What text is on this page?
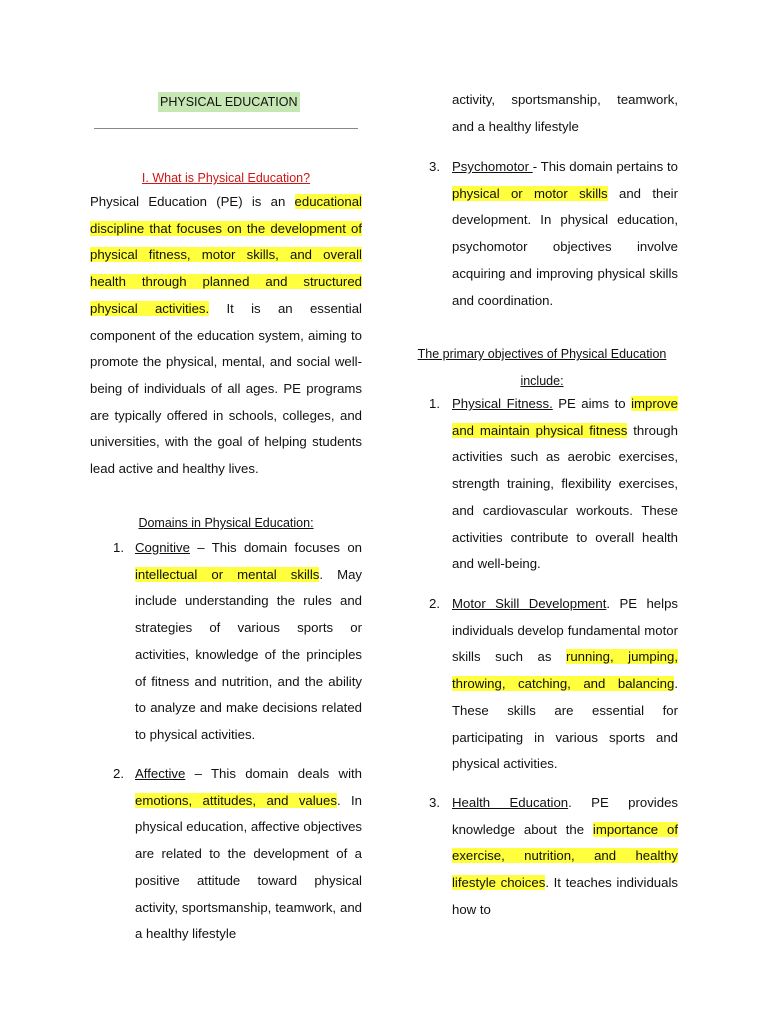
PHYSICAL EDUCATION
I. What is Physical Education?

Physical Education (PE) is an educational discipline that focuses on the development of physical fitness, motor skills, and overall health through planned and structured physical activities. It is an essential component of the education system, aiming to promote the physical, mental, and social well-being of individuals of all ages. PE programs are typically offered in schools, colleges, and universities, with the goal of helping students lead active and healthy lives.

Domains in Physical Education:
1. Cognitive – This domain focuses on intellectual or mental skills. May include understanding the rules and strategies of various sports or activities, knowledge of the principles of fitness and nutrition, and the ability to analyze and make decisions related to physical activities.

2. Affective – This domain deals with emotions, attitudes, and values. In physical education, affective objectives are related to the development of a positive attitude toward physical activity, sportsmanship, teamwork, and a healthy lifestyle

activity, sportsmanship, teamwork, and a healthy lifestyle

3. Psychomotor - This domain pertains to physical or motor skills and their development. In physical education, psychomotor objectives involve acquiring and improving physical skills and coordination.

The primary objectives of Physical Education
include:
1. Physical Fitness. PE aims to improve and maintain physical fitness through activities such as aerobic exercises, strength training, flexibility exercises, and cardiovascular workouts. These activities contribute to overall health and well-being.

2. Motor Skill Development. PE helps individuals develop fundamental motor skills such as running, jumping, throwing, catching, and balancing. These skills are essential for participating in various sports and physical activities.

3. Health Education. PE provides knowledge about the importance of exercise, nutrition, and healthy lifestyle choices. It teaches individuals how to
